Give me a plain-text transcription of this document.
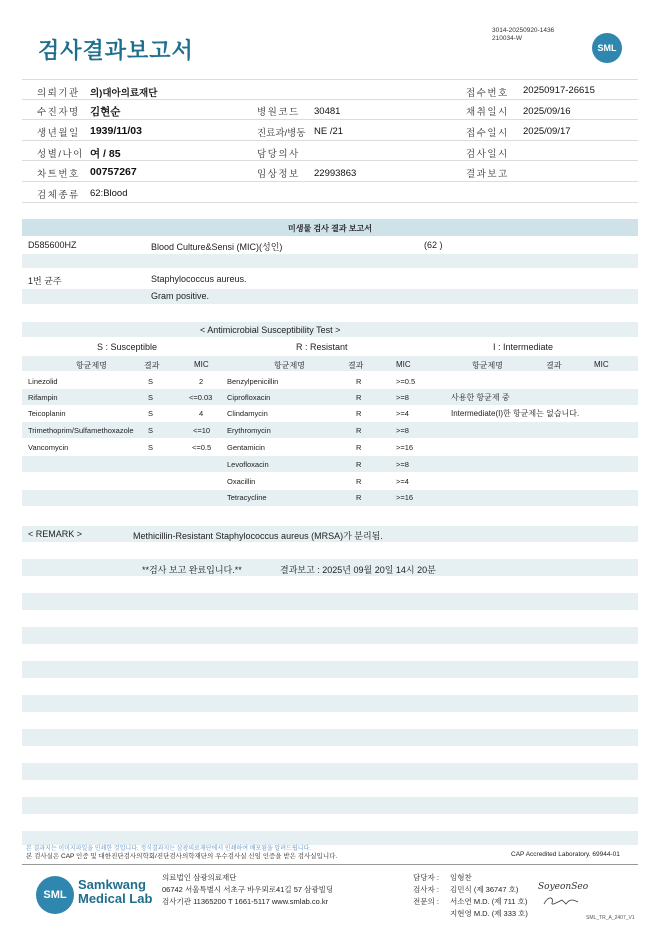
검사결과보고서
3014-20250920-1436
210034-W
SML
의뢰기관 의)대아의료재단	접수번호 20250917-26615
수진자명 김현순	병원코드 30481	채취일시 2025/09/16
생년월일 1939/11/03	진료과/병동 NE /21	접수일시 2025/09/17
성별/나이 여 / 85	담당의사	검사일시
차트번호 00757267	임상정보 22993863	결과보고
검체종류 62:Blood
미생물 검사 결과 보고서
D585600HZ	Blood Culture&Sensi (MIC)(성인)	(62 )
1번 균주	Staphylococcus aureus.
Gram positive.
< Antimicrobial Susceptibility Test >
S : Susceptible	R : Resistant	I : Intermediate
항균제명	결과	MIC	항균제명	결과	MIC	항균제명	결과	MIC
Linezolid	S	2
Rifampin	S	<=0.03
Teicoplanin	S	4
Trimethoprim/Sulfamethoxazole S	<=10
Vancomycin	S	<=0.5
Benzylpenicillin	R	>=0.5
Ciprofloxacin	R	>=8
Clindamycin	R	>=4
Erythromycin	R	>=8
Gentamicin	R	>=16
Levofloxacin	R	>=8
Oxacillin	R	>=4
Tetracycline	R	>=16
사용한 항균제 중
Intermediate(I)한 항균제는 없습니다.
< REMARK >	Methicillin-Resistant Staphylococcus aureus (MRSA)가 분리됨.
**검사 보고 완료입니다.**	결과보고 : 2025년 09월 20일 14시 20분
본 결과지는 이미지파일을 인쇄한 것입니다. 정식결과지는 삼광의료재단에서 인쇄하여 배포됨을 알려드립니다.
본 검사실은 CAP 인증 및 대한진단검사의학회/진단검사의학재단의 우수검사실 신임 인증을 받은 검사실입니다.	CAP Accredited Laboratory. 69944-01
SML
Samkwang
Medical Lab
의료법인 삼광의료재단
06742 서울특별시 서초구 바우뫼로41길 57 삼광빌딩
검사기관 11365200 T 1661-5117 www.smlab.co.kr
담당자 :
검사자 :
전문의 :
임형찬
김민식 (제 36747 호)
서소연 M.D. (제 711 호)
지현영 M.D. (제 333 호)
SoyeonSeo
SML_TR_A_2407_V1
